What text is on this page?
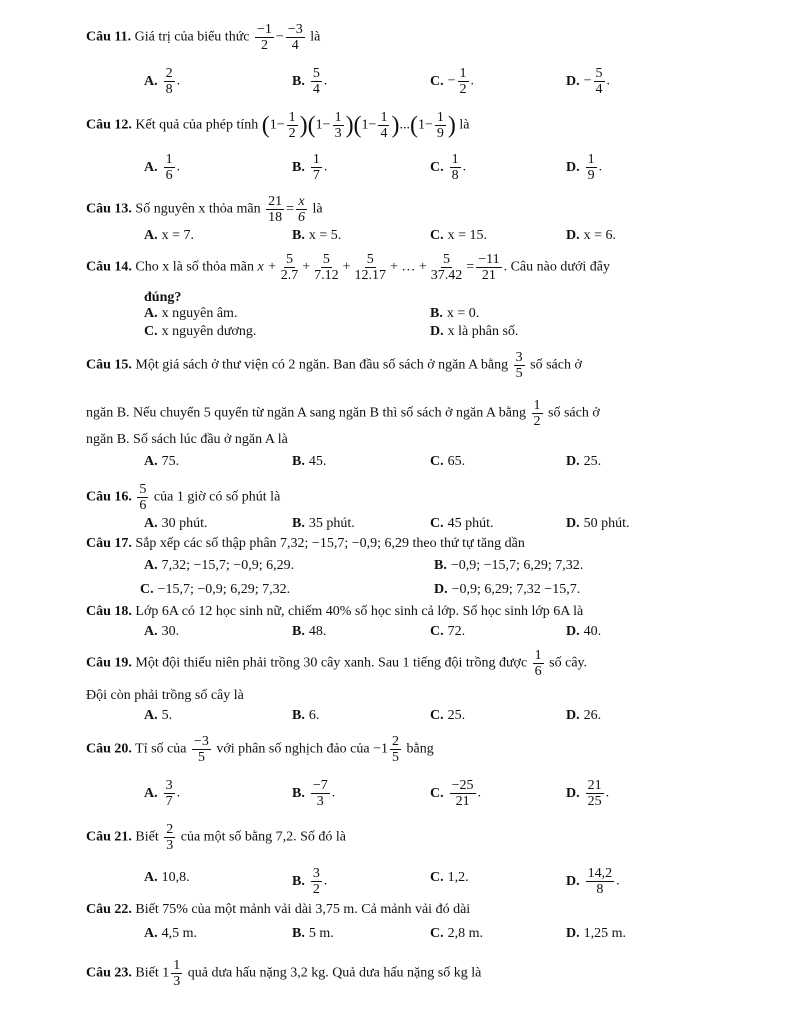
Câu 11. Giá trị của biểu thức $\frac{-1}{2} - \frac{-3}{4}$ là
A. $\frac{2}{8}$ .	B. $\frac{5}{4}$ .	C. − $\frac{1}{2}$ .	D. − $\frac{5}{4}$ .
Câu 12. Kết quả của phép tính $(1- \frac{1}{2} )(1- \frac{1}{3} )(1- \frac{1}{4} )...(1- \frac{1}{9}$ ) là
A. $\frac{1}{6}$ .	B. $\frac{1}{7}$ .	C. $\frac{1}{8}$ .	D. $\frac{1}{9}$ .
Câu 13. Số nguyên x thỏa mãn $\frac{21}{18} = \frac{x}{6}$ là
A. x = 7.	B. x = 5.	C. x = 15.	D. x = 6.
Câu 14. Cho x là số thỏa mãn $x + \frac{5}{2.7} + \frac{5}{7.12} + \frac{5}{12.17}$ + … + $\frac{5}{37.42} = \frac{-11}{21}$ . Câu nào dưới đây
đúng?
A. x nguyên âm.	B. x = 0.
C. x nguyên dương.	D. x là phân số.
Câu 15. Một giá sách ở thư viện có 2 ngăn. Ban đầu số sách ở ngăn A bằng $\frac{3}{5}$ số sách ở
ngăn B. Nếu chuyển 5 quyển từ ngăn A sang ngăn B thì số sách ở ngăn A bằng $\frac{1}{2}$ số sách ở
ngăn B. Số sách lúc đầu ở ngăn A là
A. 75.	B. 45.	C. 65.	D. 25.
Câu 16. $\frac{5}{6}$ của 1 giờ có số phút là
A. 30 phút.	B. 35 phút.	C. 45 phút.	D. 50 phút.
Câu 17. Sắp xếp các số thập phân 7,32; −15,7; −0,9; 6,29 theo thứ tự tăng dần
A. 7,32; −15,7; −0,9; 6,29.	B. −0,9; −15,7; 6,29; 7,32.
C. −15,7; −0,9; 6,29; 7,32.	D. −0,9; 6,29; 7,32 −15,7.
Câu 18. Lớp 6A có 12 học sinh nữ, chiếm 40% số học sinh cả lớp. Số học sinh lớp 6A là
A. 30.	B. 48.	C. 72.	D. 40.
Câu 19. Một đội thiếu niên phải trồng 30 cây xanh. Sau 1 tiếng đội trồng được $\frac{1}{6}$ số cây.
Đội còn phải trồng số cây là
A. 5.	B. 6.	C. 25.	D. 26.
Câu 20. Tỉ số của $\frac{-3}{5}$ với phân số nghịch đảo của $-1 \frac{2}{5}$ bằng
A. $\frac{3}{7}$ .	B. $\frac{-7}{3}$ .	C. $\frac{-25}{21}$ .	D. $\frac{21}{25}$ .
Câu 21. Biết $\frac{2}{3}$ của một số bằng 7,2. Số đó là
A. 10,8.	B. $\frac{3}{2}$ .	C. 1,2.	D. $\frac{14,2}{8}$ .
Câu 22. Biết 75% của một mảnh vải dài 3,75 m. Cả mảnh vải đó dài
A. 4,5 m.	B. 5 m.	C. 2,8 m.	D. 1,25 m.
Câu 23. Biết $1 \frac{1}{3}$ quả dưa hấu nặng 3,2 kg. Quả dưa hấu nặng số kg là
